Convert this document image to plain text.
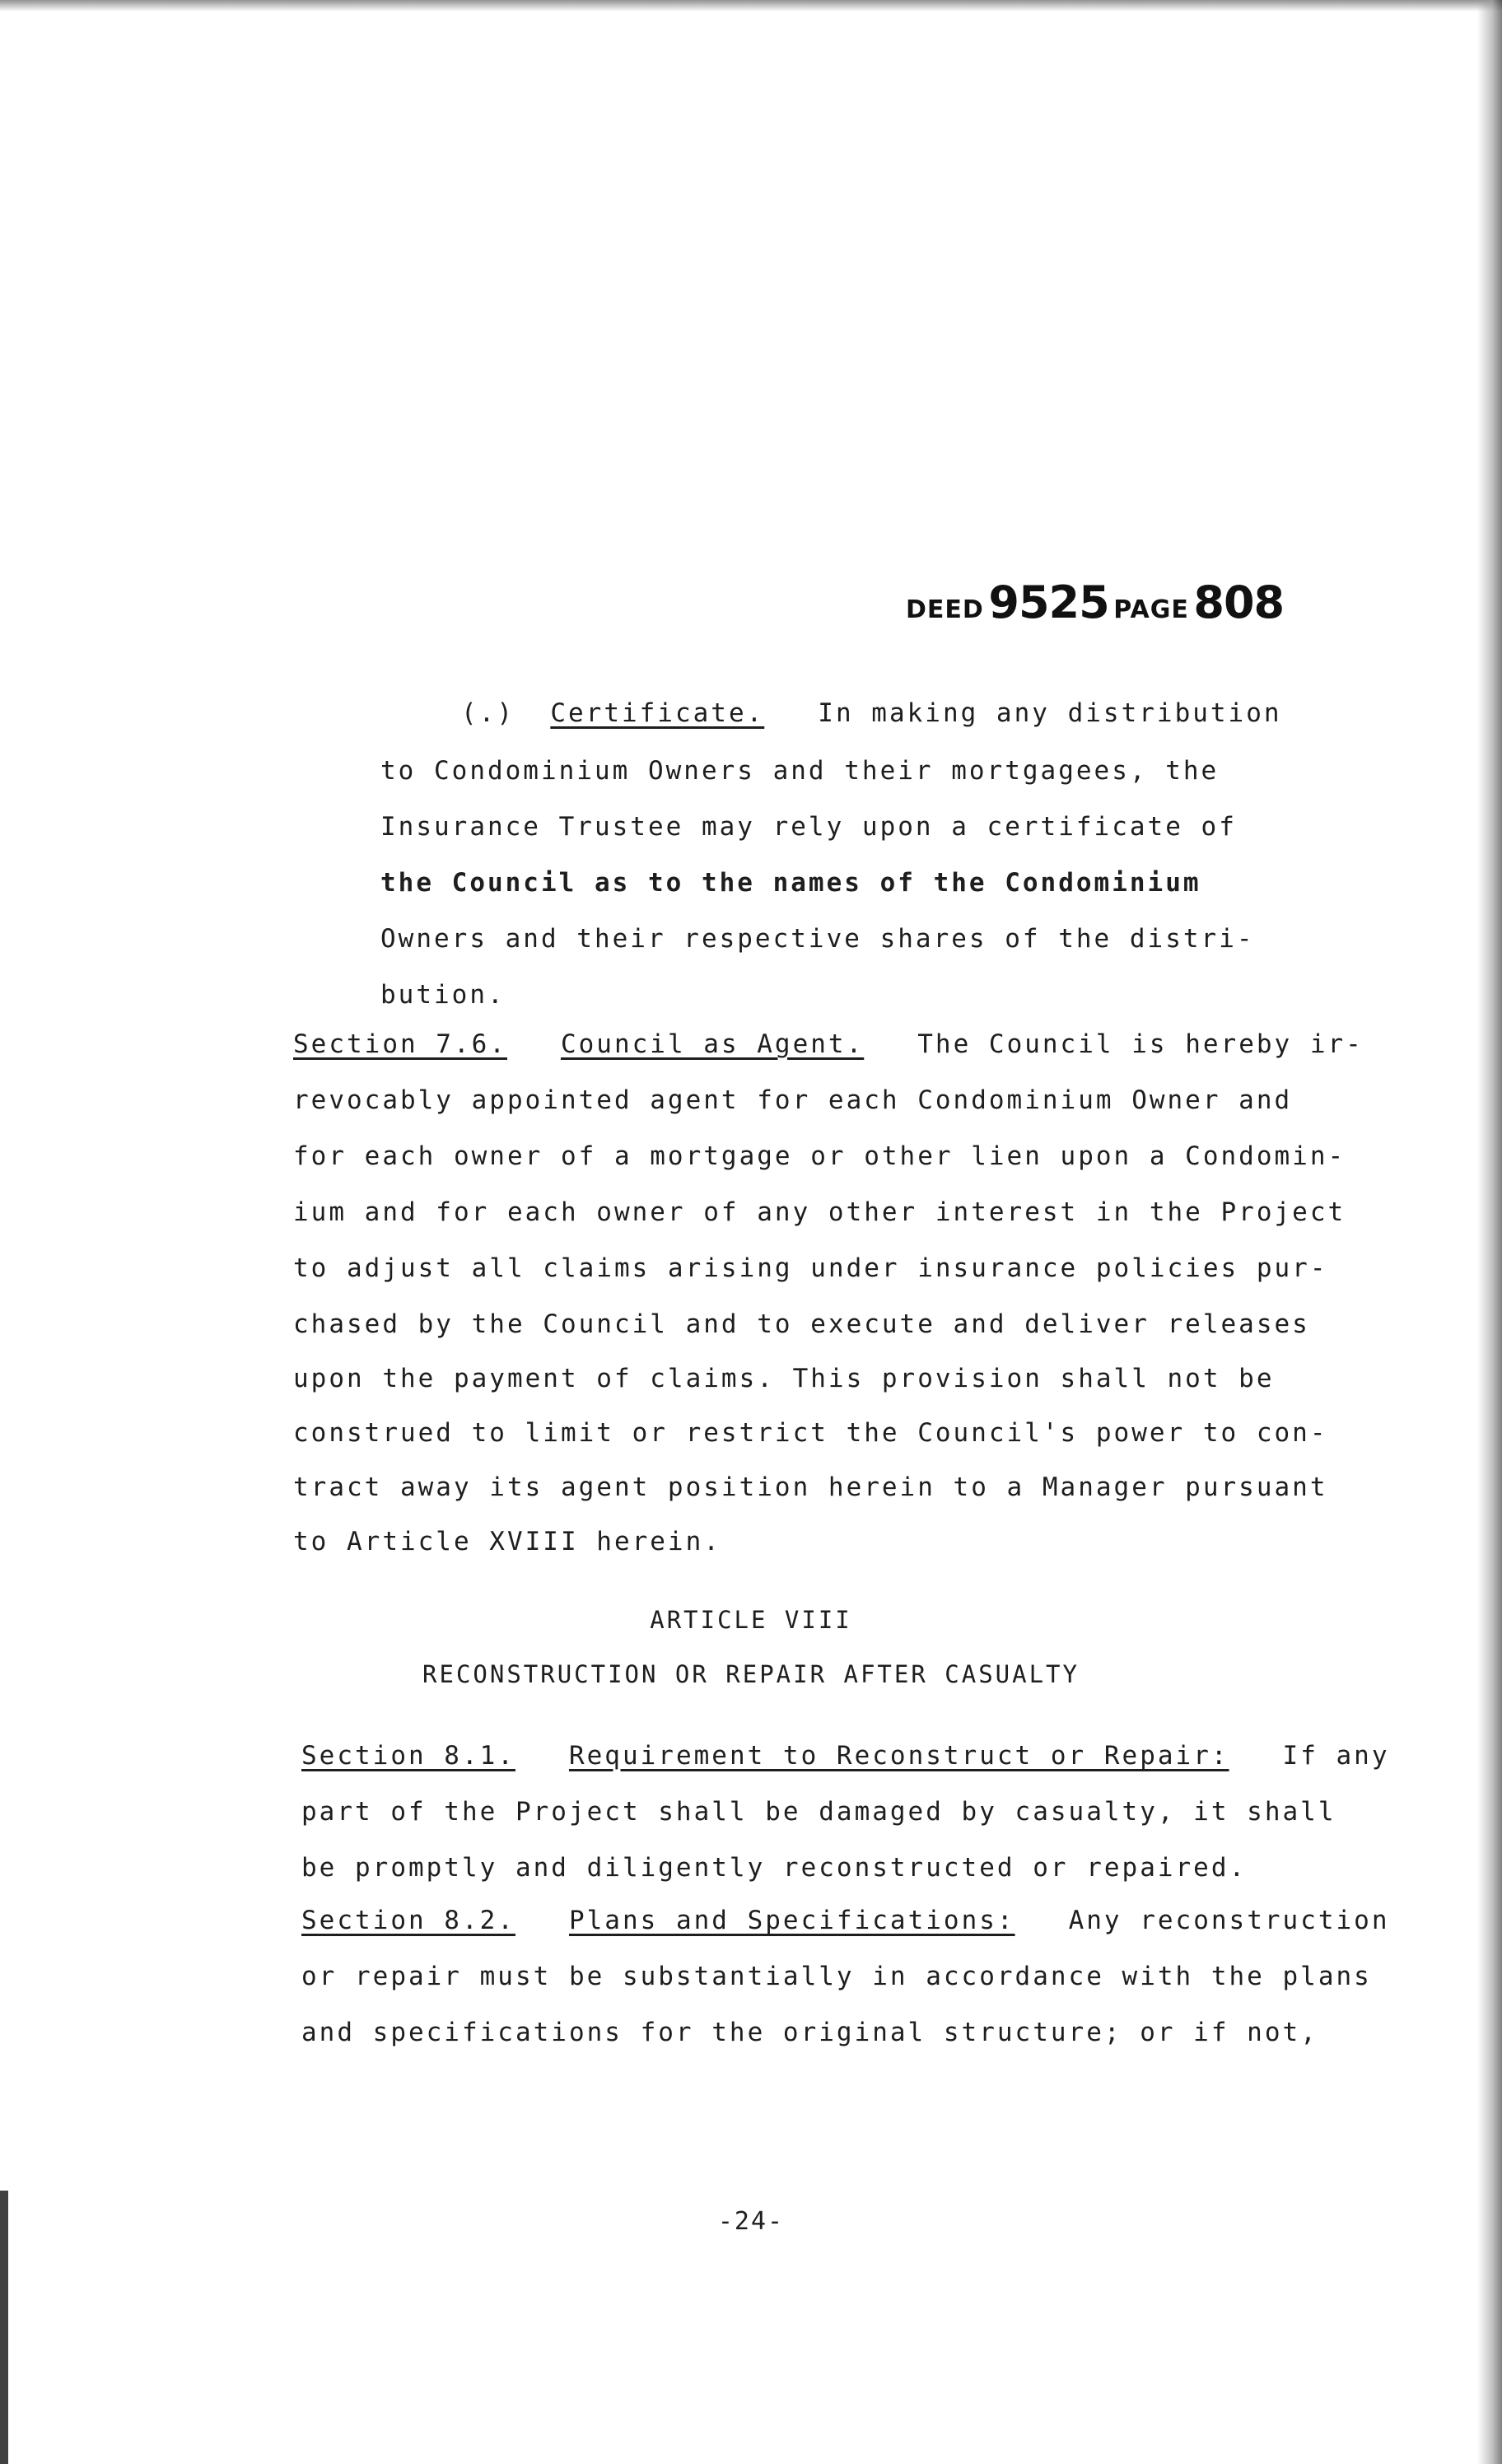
DEED 9525 PAGE 808
(.) Certificate. In making any distribution
to Condominium Owners and their mortgagees, the
Insurance Trustee may rely upon a certificate of
the Council as to the names of the Condominium
Owners and their respective shares of the distri-
bution.
Section 7.6. Council as Agent. The Council is hereby ir-
revocably appointed agent for each Condominium Owner and
for each owner of a mortgage or other lien upon a Condomin-
ium and for each owner of any other interest in the Project
to adjust all claims arising under insurance policies pur-
chased by the Council and to execute and deliver releases
upon the payment of claims. This provision shall not be
construed to limit or restrict the Council's power to con-
tract away its agent position herein to a Manager pursuant
to Article XVIII herein.
ARTICLE VIII
RECONSTRUCTION OR REPAIR AFTER CASUALTY
Section 8.1. Requirement to Reconstruct or Repair: If any
part of the Project shall be damaged by casualty, it shall
be promptly and diligently reconstructed or repaired.
Section 8.2. Plans and Specifications: Any reconstruction
or repair must be substantially in accordance with the plans
and specifications for the original structure; or if not,
-24-
